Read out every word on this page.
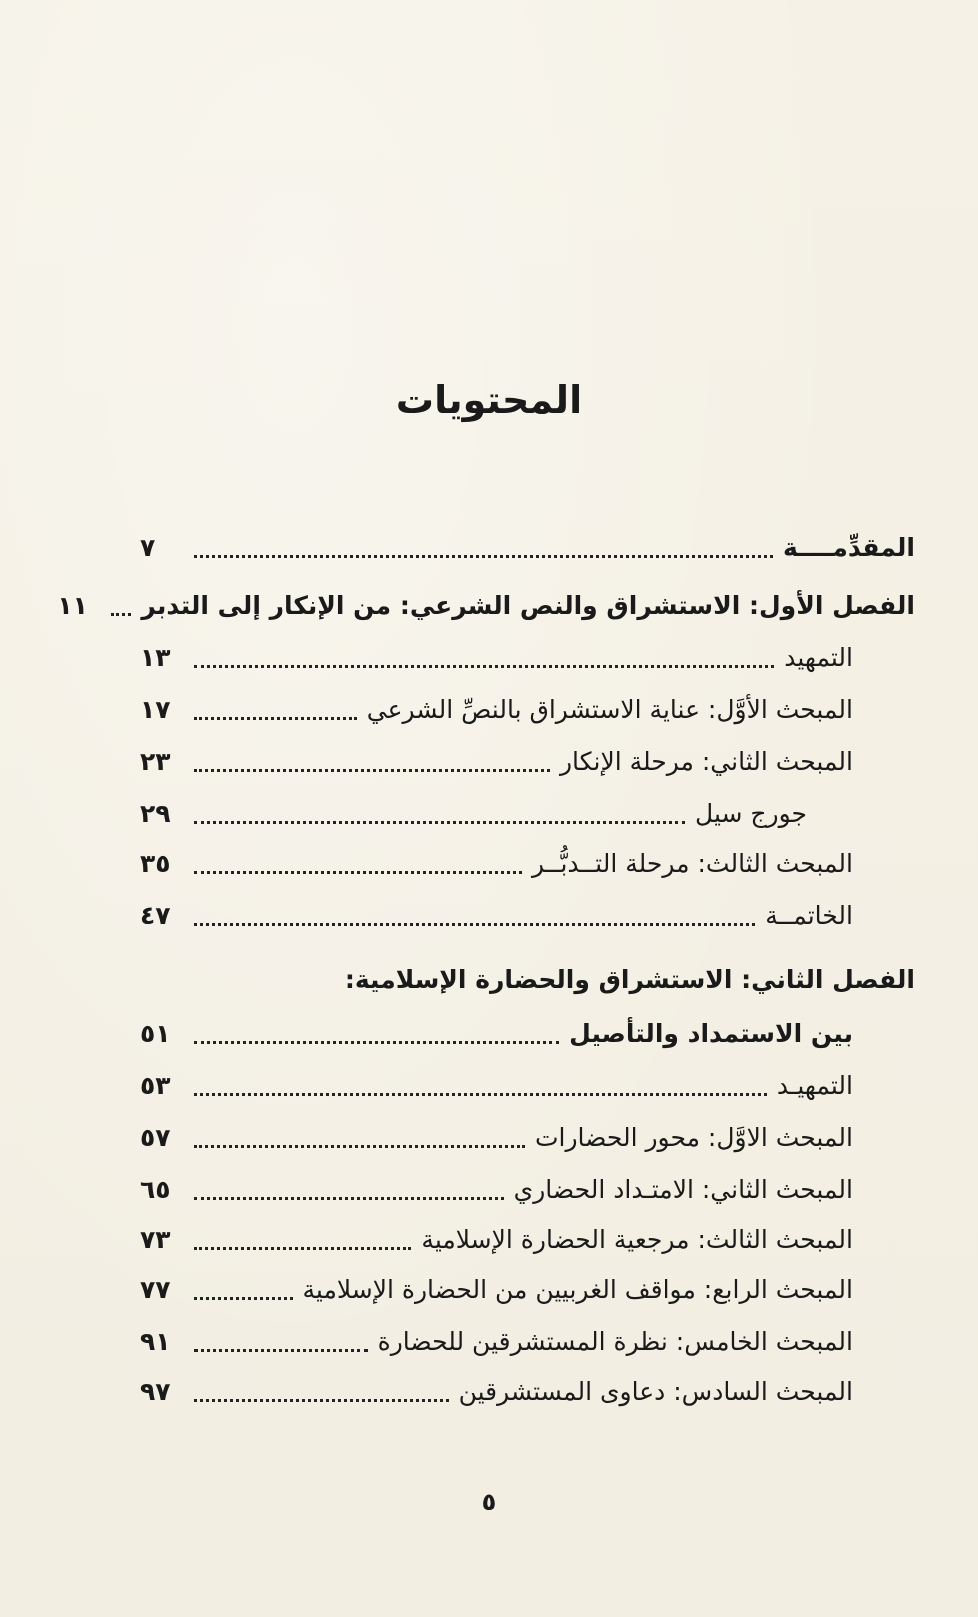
المحتويات
المقدِّمــــة
٧
الفصل الأول: الاستشراق والنص الشرعي: من الإنكار إلى التدبر
١١
التمهيد
١٣
المبحث الأوَّل: عناية الاستشراق بالنصِّ الشرعي
١٧
المبحث الثاني: مرحلة الإنكار
٢٣
جورج سيل
٢٩
المبحث الثالث: مرحلة التــدبُّــر
٣٥
الخاتمــة
٤٧
الفصل الثاني: الاستشراق والحضارة الإسلامية:
بين الاستمداد والتأصيل
٥١
التمهيـد
٥٣
المبحث الاوَّل: محور الحضارات
٥٧
المبحث الثاني: الامتـداد الحضاري
٦٥
المبحث الثالث: مرجعية الحضارة الإسلامية
٧٣
المبحث الرابع: مواقف الغربيين من الحضارة الإسلامية
٧٧
المبحث الخامس: نظرة المستشرقين للحضارة
٩١
المبحث السادس: دعاوى المستشرقين
٩٧
٥
